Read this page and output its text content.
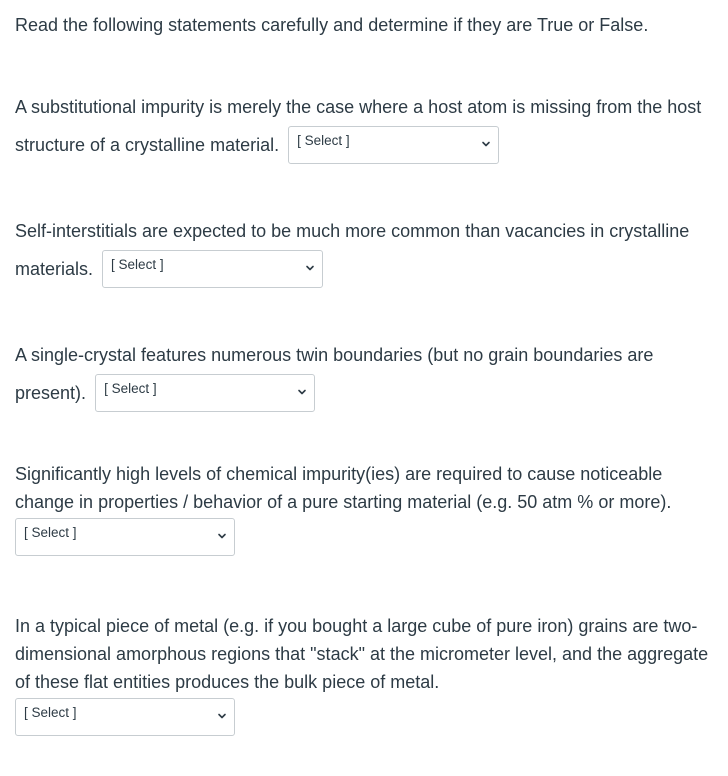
Read the following statements carefully and determine if they are True or False.
A substitutional impurity is merely the case where a host atom is missing from the host structure of a crystalline material. [ Select ]
Self-interstitials are expected to be much more common than vacancies in crystalline materials. [ Select ]
A single-crystal features numerous twin boundaries (but no grain boundaries are present). [ Select ]
Significantly high levels of chemical impurity(ies) are required to cause noticeable change in properties / behavior of a pure starting material (e.g. 50 atm % or more).
[ Select ]
In a typical piece of metal (e.g. if you bought a large cube of pure iron) grains are two-dimensional amorphous regions that "stack" at the micrometer level, and the aggregate of these flat entities produces the bulk piece of metal.
[ Select ]
